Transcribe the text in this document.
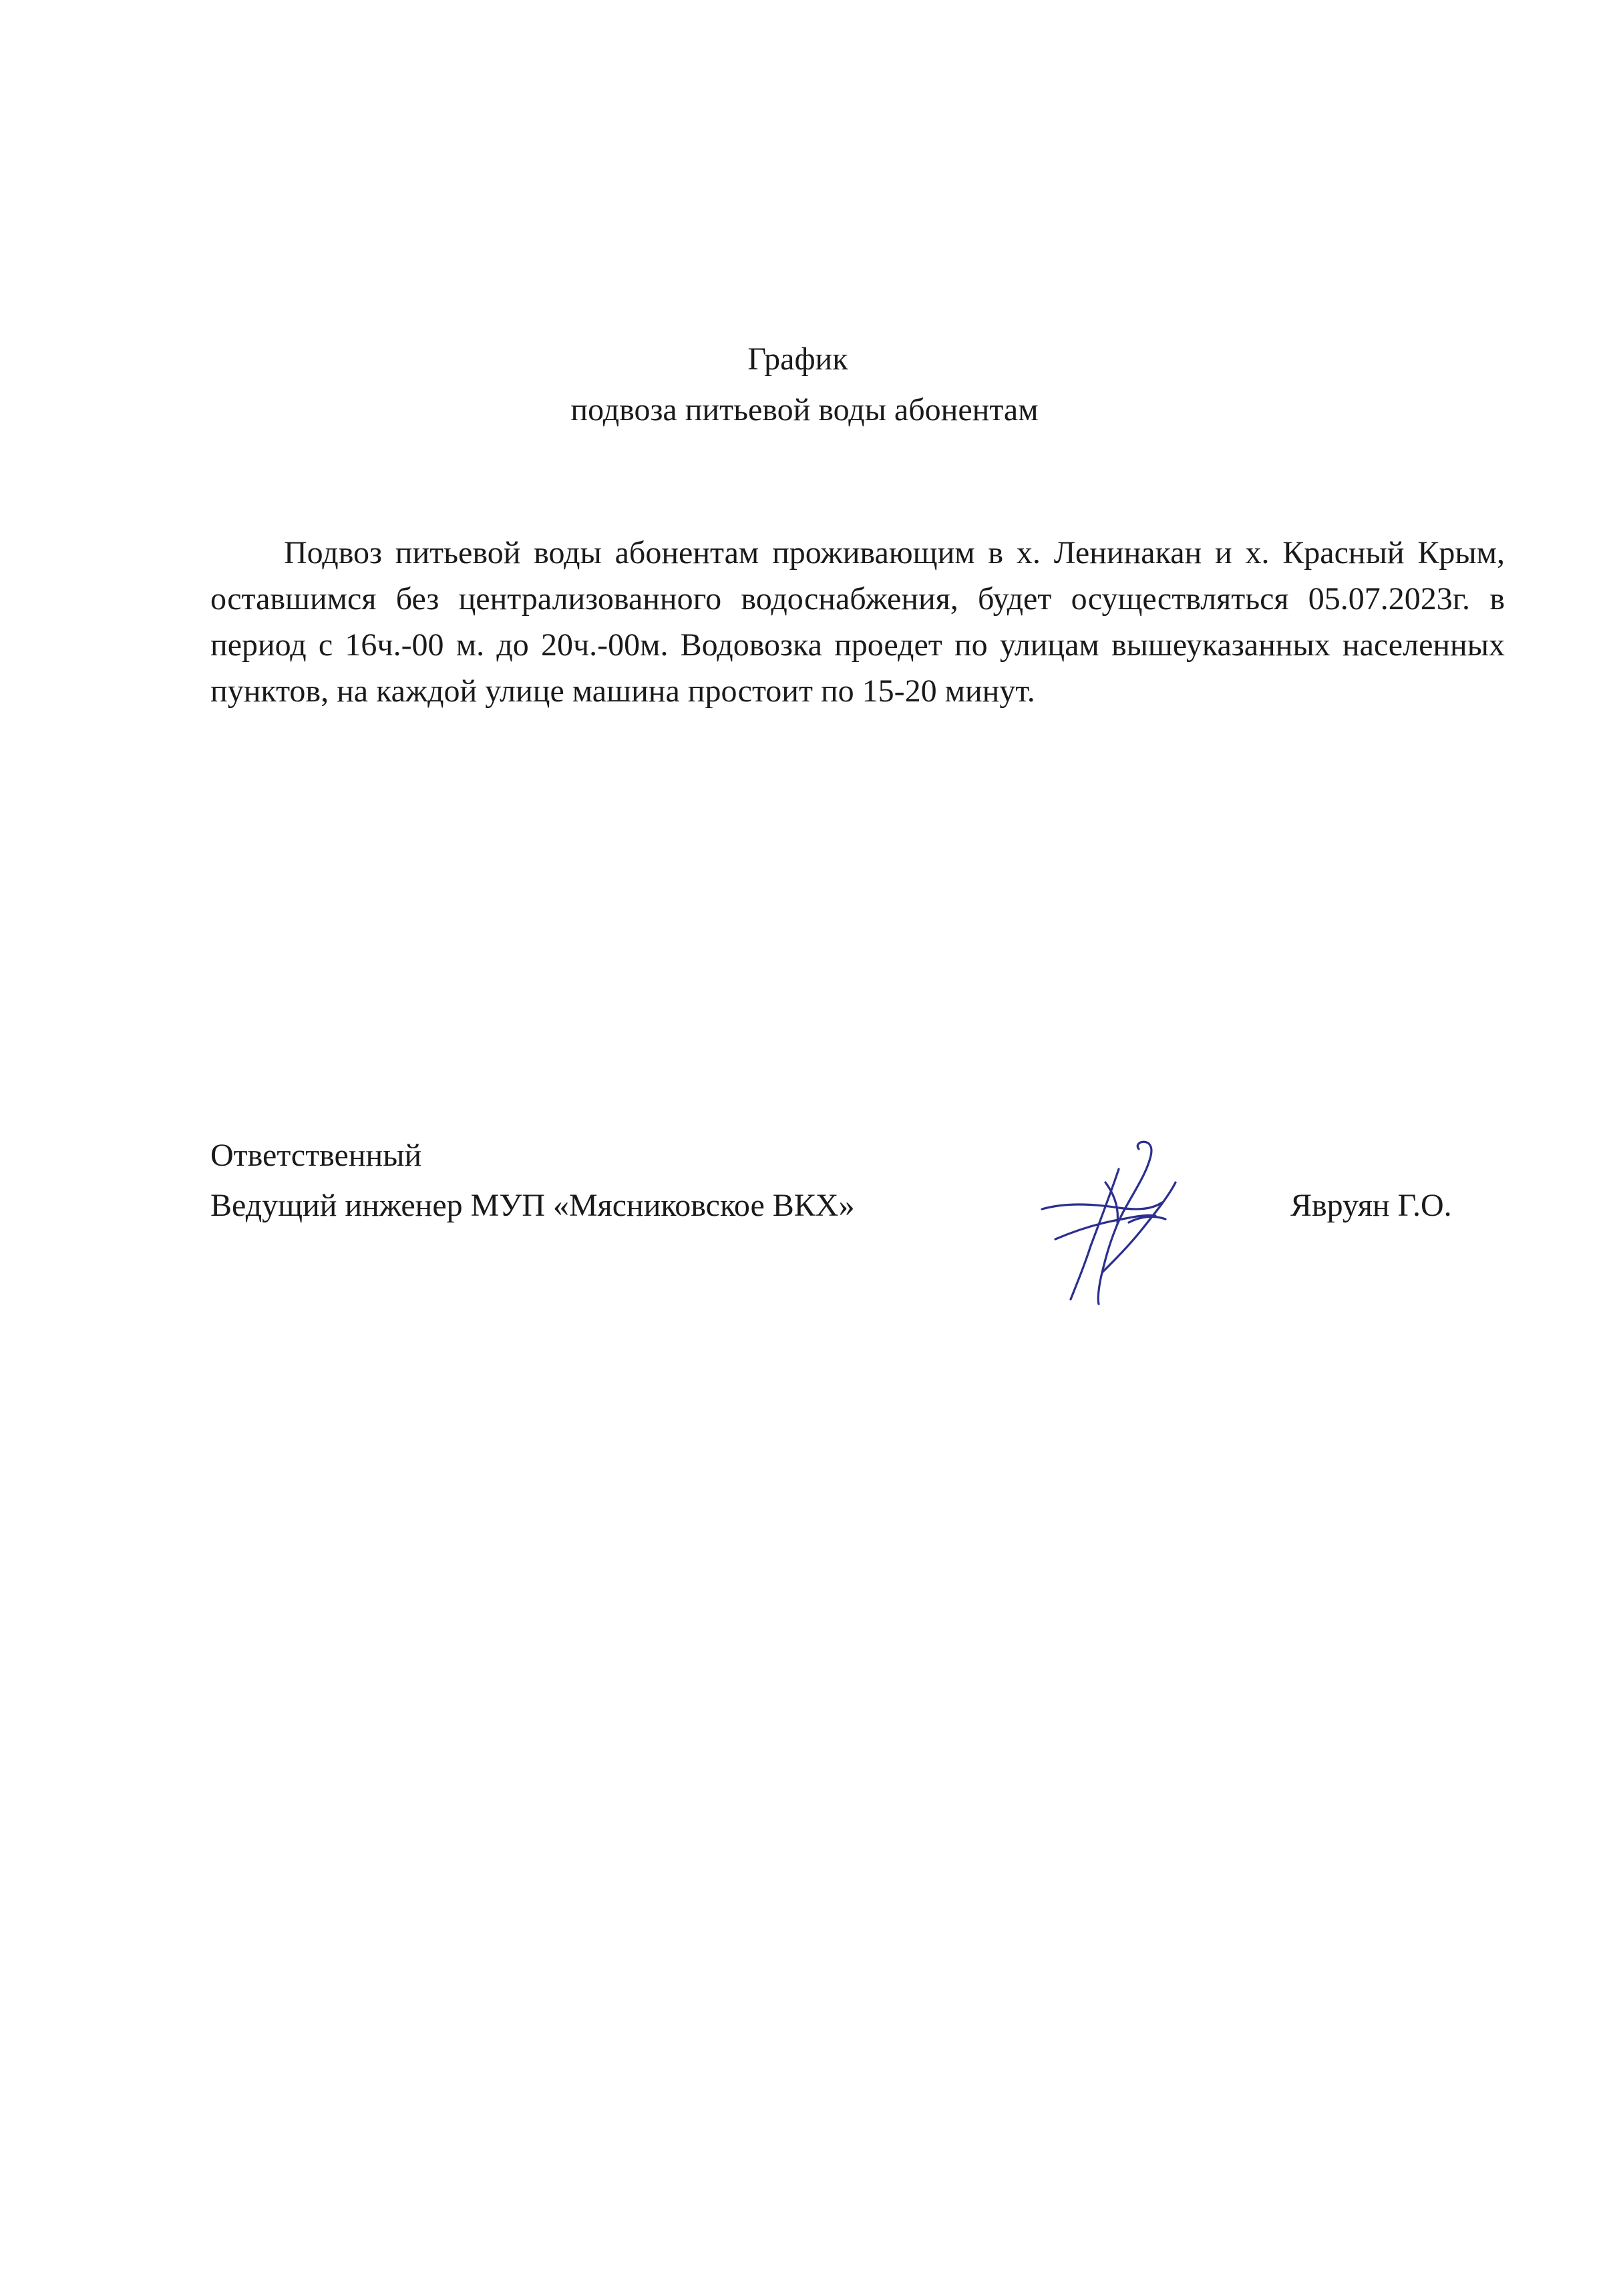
График
подвоза питьевой воды абонентам

Подвоз питьевой воды абонентам проживающим в х. Ленинакан и х. Красный Крым, оставшимся без централизованного водоснабжения, будет осуществляться 05.07.2023г. в период с 16ч.-00 м. до 20ч.-00м. Водовозка проедет по улицам вышеуказанных населенных пунктов, на каждой улице машина простоит по 15-20 минут.

Ответственный
Ведущий инженер МУП «Мясниковское ВКХ»	Явруян Г.О.
